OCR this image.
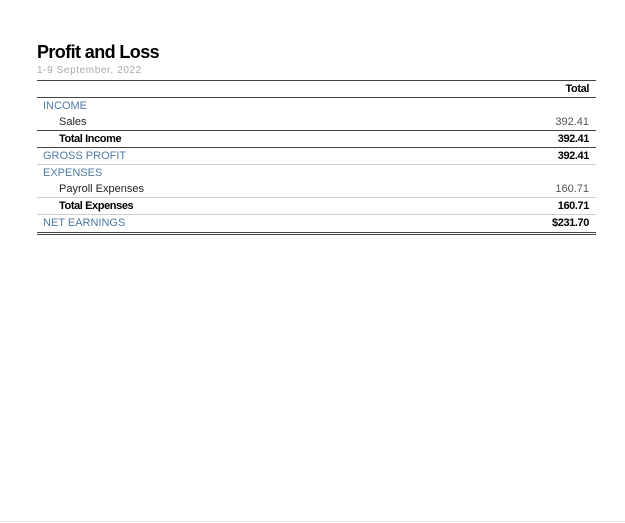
Profit and Loss
1-9 September, 2022
Total
INCOME
Sales	392.41
Total Income	392.41
GROSS PROFIT	392.41
EXPENSES
Payroll Expenses	160.71
Total Expenses	160.71
NET EARNINGS	$231.70
